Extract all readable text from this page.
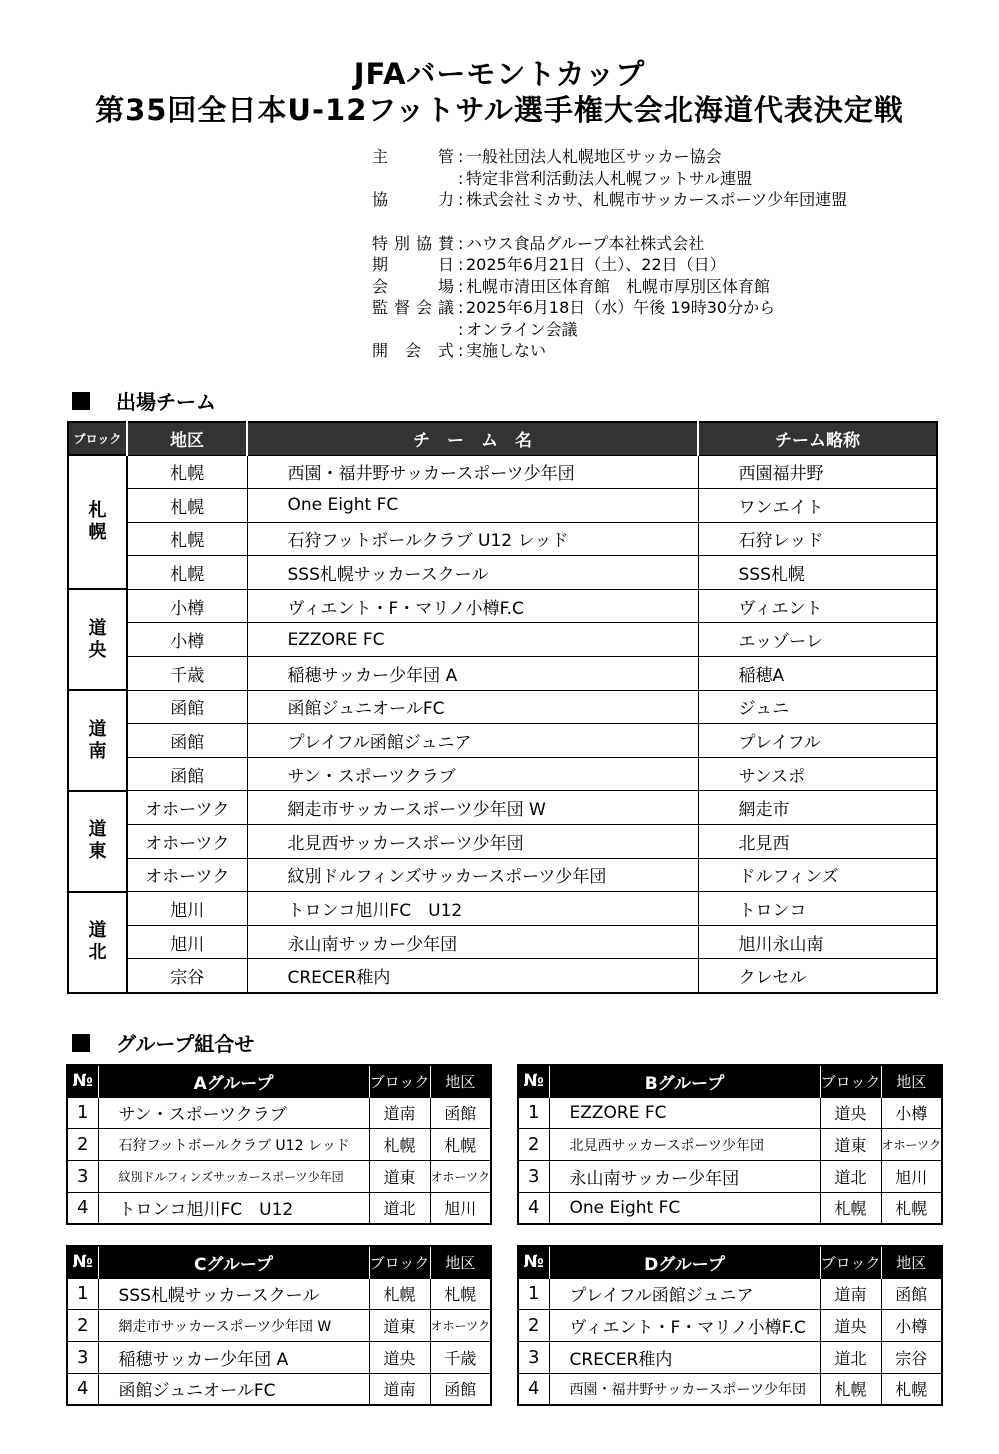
JFAバーモントカップ
第35回全日本U-12フットサル選手権大会北海道代表決定戦
主	管 : 一般社団法人札幌地区サッカー協会
: 特定非営利活動法人札幌フットサル連盟
協	力 : 株式会社ミカサ、札幌市サッカースポーツ少年団連盟
特 別 協 賛 : ハウス食品グループ本社株式会社
期	日 : 2025年6月21日（土）、22日（日）
会	場 : 札幌市清田区体育館　札幌市厚別区体育館
監 督 会 議 : 2025年6月18日（水）午後 19時30分から
: オンライン会議
開 会 式 : 実施しない
出場チーム
ブロック	地区	チ　ー　ム　名	チーム略称
札
幌	札幌	西園・福井野サッカースポーツ少年団	西園福井野
	札幌	One Eight FC	ワンエイト
	札幌	石狩フットボールクラブ U12 レッド	石狩レッド
	札幌	SSS札幌サッカースクール	SSS札幌
道
央	小樽	ヴィエント・F・マリノ小樽F.C	ヴィエント
	小樽	EZZORE FC	エッゾーレ
	千歳	稲穂サッカー少年団 A	稲穂A
道
南	函館	函館ジュニオールFC	ジュニ
	函館	プレイフル函館ジュニア	プレイフル
	函館	サン・スポーツクラブ	サンスポ
道
東	オホーツク	網走市サッカースポーツ少年団 W	網走市
	オホーツク	北見西サッカースポーツ少年団	北見西
	オホーツク	紋別ドルフィンズサッカースポーツ少年団	ドルフィンズ
道
北	旭川	トロンコ旭川FC　U12	トロンコ
	旭川	永山南サッカー少年団	旭川永山南
	宗谷	CRECER稚内	クレセル
グループ組合せ
№	Aグループ	ブロック	地区
1	サン・スポーツクラブ	道南	函館
2	石狩フットボールクラブ U12 レッド	札幌	札幌
3	紋別ドルフィンズサッカースポーツ少年団	道東	オホーツク
4	トロンコ旭川FC　U12	道北	旭川
№	Bグループ	ブロック	地区
1	EZZORE FC	道央	小樽
2	北見西サッカースポーツ少年団	道東	オホーツク
3	永山南サッカー少年団	道北	旭川
4	One Eight FC	札幌	札幌
№	Cグループ	ブロック	地区
1	SSS札幌サッカースクール	札幌	札幌
2	網走市サッカースポーツ少年団 W	道東	オホーツク
3	稲穂サッカー少年団 A	道央	千歳
4	函館ジュニオールFC	道南	函館
№	Dグループ	ブロック	地区
1	プレイフル函館ジュニア	道南	函館
2	ヴィエント・F・マリノ小樽F.C	道央	小樽
3	CRECER稚内	道北	宗谷
4	西園・福井野サッカースポーツ少年団	札幌	札幌
